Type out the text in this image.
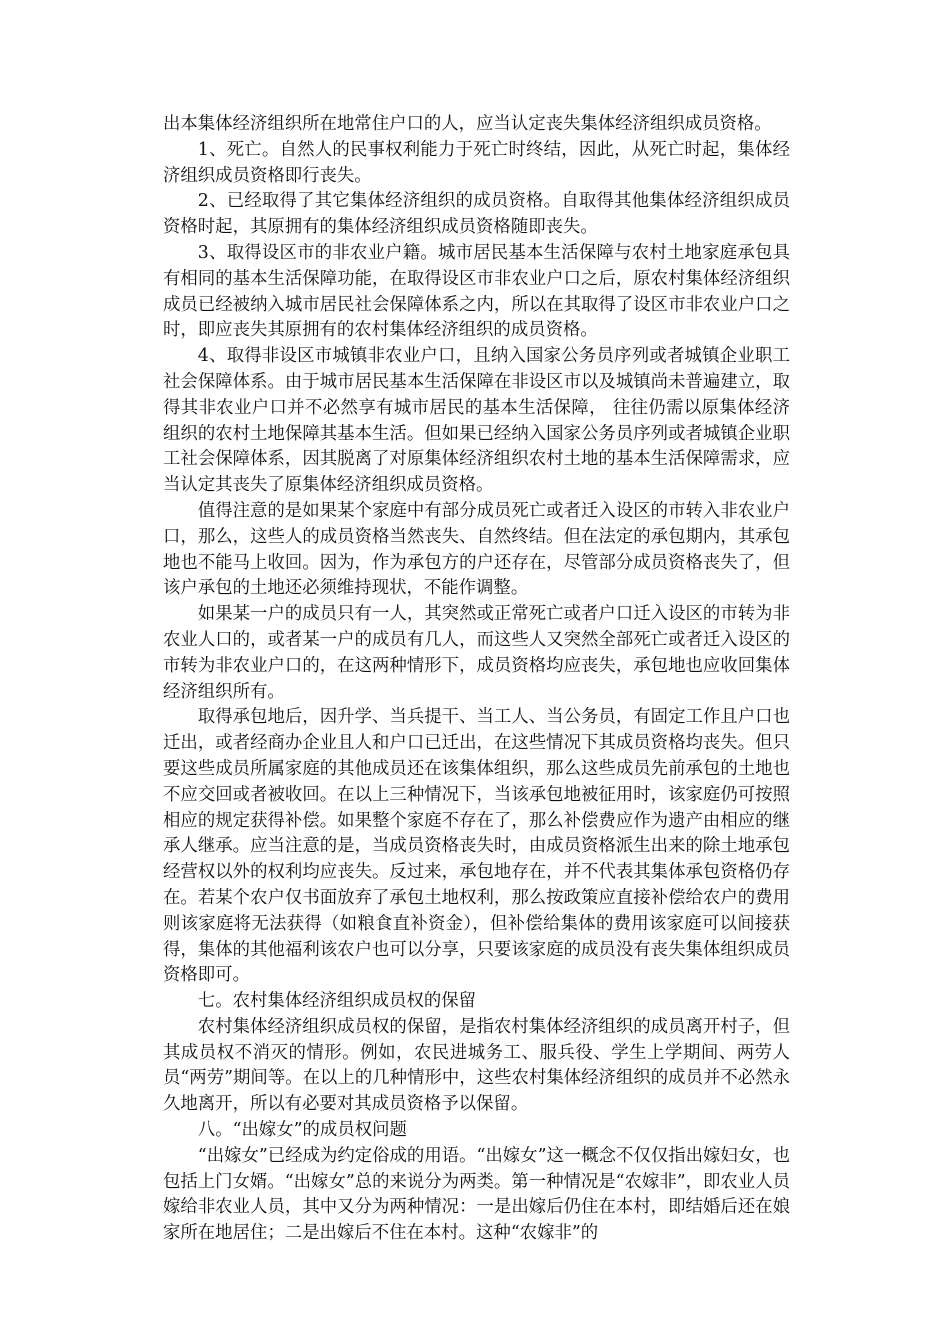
出本集体经济组织所在地常住户口的人，应当认定丧失集体经济组织成员资格。

1、死亡。自然人的民事权利能力于死亡时终结，因此，从死亡时起，集体经济组织成员资格即行丧失。

2、已经取得了其它集体经济组织的成员资格。自取得其他集体经济组织成员资格时起，其原拥有的集体经济组织成员资格随即丧失。

3、取得设区市的非农业户籍。城市居民基本生活保障与农村土地家庭承包具有相同的基本生活保障功能，在取得设区市非农业户口之后，原农村集体经济组织成员已经被纳入城市居民社会保障体系之内，所以在其取得了设区市非农业户口之时，即应丧失其原拥有的农村集体经济组织的成员资格。

4、取得非设区市城镇非农业户口，且纳入国家公务员序列或者城镇企业职工社会保障体系。由于城市居民基本生活保障在非设区市以及城镇尚未普遍建立，取得其非农业户口并不必然享有城市居民的基本生活保障， 往往仍需以原集体经济组织的农村土地保障其基本生活。但如果已经纳入国家公务员序列或者城镇企业职工社会保障体系，因其脱离了对原集体经济组织农村土地的基本生活保障需求，应当认定其丧失了原集体经济组织成员资格。

值得注意的是如果某个家庭中有部分成员死亡或者迁入设区的市转入非农业户口，那么，这些人的成员资格当然丧失、自然终结。但在法定的承包期内，其承包地也不能马上收回。因为，作为承包方的户还存在，尽管部分成员资格丧失了，但该户承包的土地还必须维持现状，不能作调整。

如果某一户的成员只有一人，其突然或正常死亡或者户口迁入设区的市转为非农业人口的，或者某一户的成员有几人，而这些人又突然全部死亡或者迁入设区的市转为非农业户口的，在这两种情形下，成员资格均应丧失，承包地也应收回集体经济组织所有。

取得承包地后，因升学、当兵提干、当工人、当公务员，有固定工作且户口也迁出，或者经商办企业且人和户口已迁出，在这些情况下其成员资格均丧失。但只要这些成员所属家庭的其他成员还在该集体组织，那么这些成员先前承包的土地也不应交回或者被收回。在以上三种情况下，当该承包地被征用时，该家庭仍可按照相应的规定获得补偿。如果整个家庭不存在了，那么补偿费应作为遗产由相应的继承人继承。应当注意的是，当成员资格丧失时，由成员资格派生出来的除土地承包经营权以外的权利均应丧失。反过来，承包地存在，并不代表其集体承包资格仍存在。若某个农户仅书面放弃了承包土地权利，那么按政策应直接补偿给农户的费用则该家庭将无法获得（如粮食直补资金），但补偿给集体的费用该家庭可以间接获得，集体的其他福利该农户也可以分享，只要该家庭的成员没有丧失集体组织成员资格即可。

七。农村集体经济组织成员权的保留

农村集体经济组织成员权的保留，是指农村集体经济组织的成员离开村子，但其成员权不消灭的情形。例如，农民进城务工、服兵役、学生上学期间、两劳人员“两劳”期间等。在以上的几种情形中，这些农村集体经济组织的成员并不必然永久地离开，所以有必要对其成员资格予以保留。

八。“出嫁女”的成员权问题

“出嫁女”已经成为约定俗成的用语。“出嫁女”这一概念不仅仅指出嫁妇女，也包括上门女婿。“出嫁女”总的来说分为两类。第一种情况是“农嫁非”，即农业人员嫁给非农业人员，其中又分为两种情况：一是出嫁后仍住在本村，即结婚后还在娘家所在地居住；二是出嫁后不住在本村。这种“农嫁非”的
